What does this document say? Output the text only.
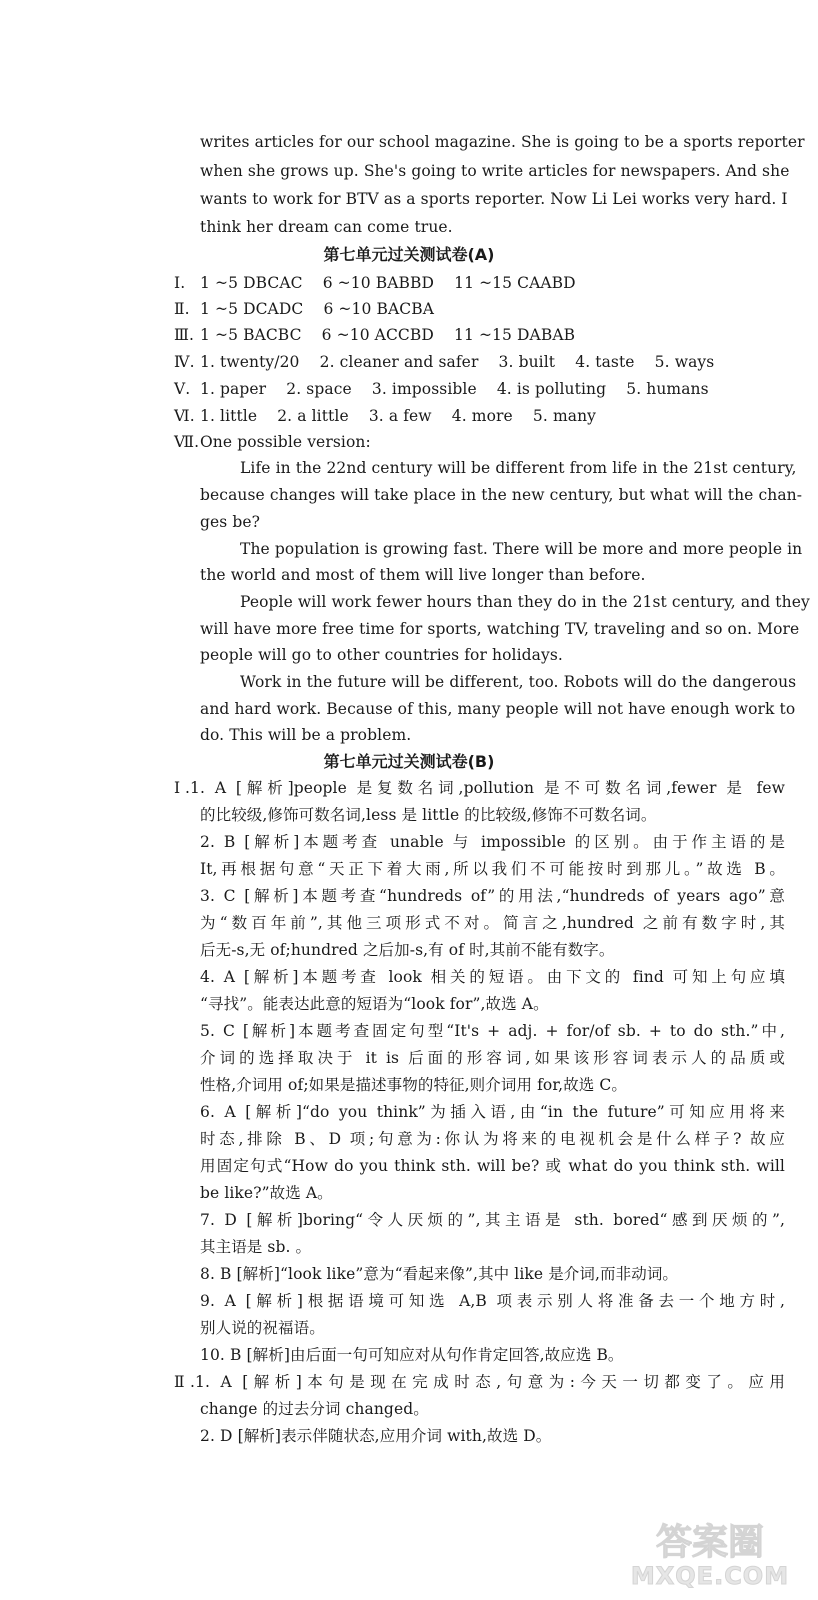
writes articles for our school magazine. She is going to be a sports reporter
when she grows up. She's going to write articles for newspapers. And she
wants to work for BTV as a sports reporter. Now Li Lei works very hard. I
think her dream can come true.
第七单元过关测试卷(A)
Ⅰ. 1 ~5 DBCAC    6 ~10 BABBD    11 ~15 CAABD
Ⅱ. 1 ~5 DCADC    6 ~10 BACBA
Ⅲ. 1 ~5 BACBC    6 ~10 ACCBD    11 ~15 DABAB
Ⅳ. 1. twenty/20    2. cleaner and safer    3. built    4. taste    5. ways
Ⅴ. 1. paper    2. space    3. impossible    4. is polluting    5. humans
Ⅵ. 1. little    2. a little    3. a few    4. more    5. many
Ⅶ.One possible version:
Life in the 22nd century will be different from life in the 21st century,
because changes will take place in the new century, but what will the chan-
ges be?
The population is growing fast. There will be more and more people in
the world and most of them will live longer than before.
People will work fewer hours than they do in the 21st century, and they
will have more free time for sports, watching TV, traveling and so on. More
people will go to other countries for holidays.
Work in the future will be different, too. Robots will do the dangerous
and hard work. Because of this, many people will not have enough work to
do. This will be a problem.
第七单元过关测试卷(B)
Ⅰ.1. A [解析]people 是复数名词,pollution 是不可数名词,fewer 是 few
的比较级,修饰可数名词,less 是 little 的比较级,修饰不可数名词。
2. B [解析]本题考查 unable 与 impossible 的区别。由于作主语的是
It,再根据句意“天正下着大雨,所以我们不可能按时到那儿。”故选 B。
3. C [解析]本题考查“hundreds of”的用法,“hundreds of years ago”意
为“数百年前”,其他三项形式不对。简言之,hundred 之前有数字时,其
后无-s,无 of;hundred 之后加-s,有 of 时,其前不能有数字。
4. A [解析]本题考查 look 相关的短语。由下文的 find 可知上句应填
“寻找”。能表达此意的短语为“look for”,故选 A。
5. C [解析]本题考查固定句型“It's + adj. + for/of sb. + to do sth.”中,
介词的选择取决于 it is 后面的形容词,如果该形容词表示人的品质或
性格,介词用 of;如果是描述事物的特征,则介词用 for,故选 C。
6. A [解析]“do you think”为插入语,由“in the future”可知应用将来
时态,排除 B、D 项;句意为:你认为将来的电视机会是什么样子? 故应
用固定句式“How do you think sth. will be? 或 what do you think sth. will
be like?”故选 A。
7. D [解析]boring“令人厌烦的”,其主语是 sth. bored“感到厌烦的”,
其主语是 sb. 。
8. B [解析]“look like”意为“看起来像”,其中 like 是介词,而非动词。
9. A [解析]根据语境可知选 A,B 项表示别人将准备去一个地方时,
别人说的祝福语。
10. B [解析]由后面一句可知应对从句作肯定回答,故应选 B。
Ⅱ.1. A [解析]本句是现在完成时态,句意为:今天一切都变了。应用
change 的过去分词 changed。
2. D [解析]表示伴随状态,应用介词 with,故选 D。
答案圈
MXQE.COM
